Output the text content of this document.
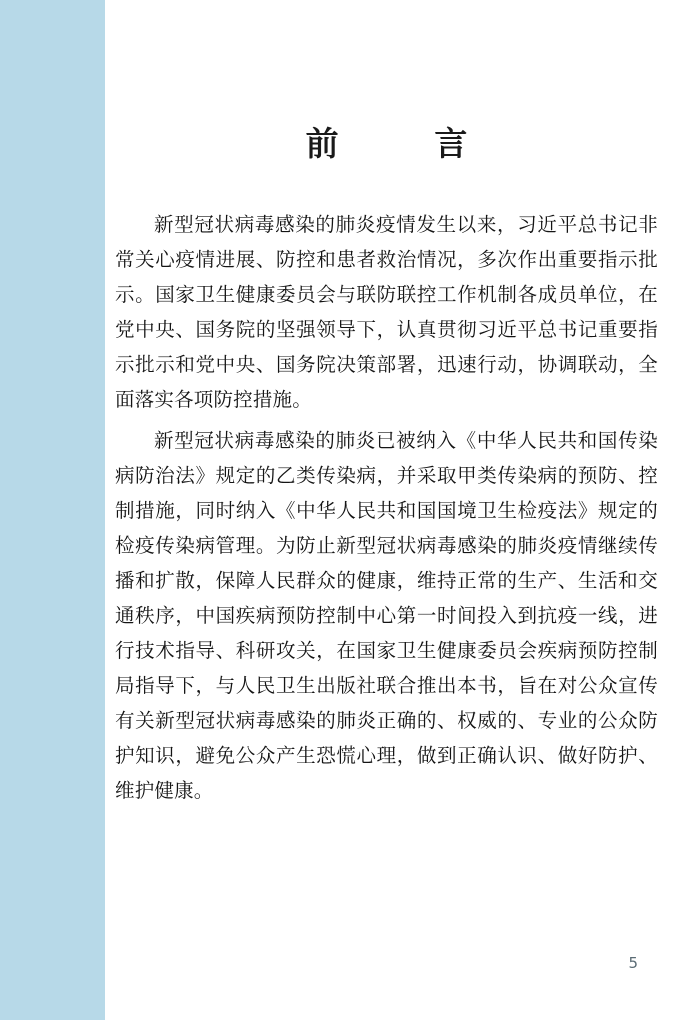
前　　言

新型冠状病毒感染的肺炎疫情发生以来，习近平总书记非常关心疫情进展、防控和患者救治情况，多次作出重要指示批示。国家卫生健康委员会与联防联控工作机制各成员单位，在党中央、国务院的坚强领导下，认真贯彻习近平总书记重要指示批示和党中央、国务院决策部署，迅速行动，协调联动，全面落实各项防控措施。

新型冠状病毒感染的肺炎已被纳入《中华人民共和国传染病防治法》规定的乙类传染病，并采取甲类传染病的预防、控制措施，同时纳入《中华人民共和国国境卫生检疫法》规定的检疫传染病管理。为防止新型冠状病毒感染的肺炎疫情继续传播和扩散，保障人民群众的健康，维持正常的生产、生活和交通秩序，中国疾病预防控制中心第一时间投入到抗疫一线，进行技术指导、科研攻关，在国家卫生健康委员会疾病预防控制局指导下，与人民卫生出版社联合推出本书，旨在对公众宣传有关新型冠状病毒感染的肺炎正确的、权威的、专业的公众防护知识，避免公众产生恐慌心理，做到正确认识、做好防护、维护健康。

5
